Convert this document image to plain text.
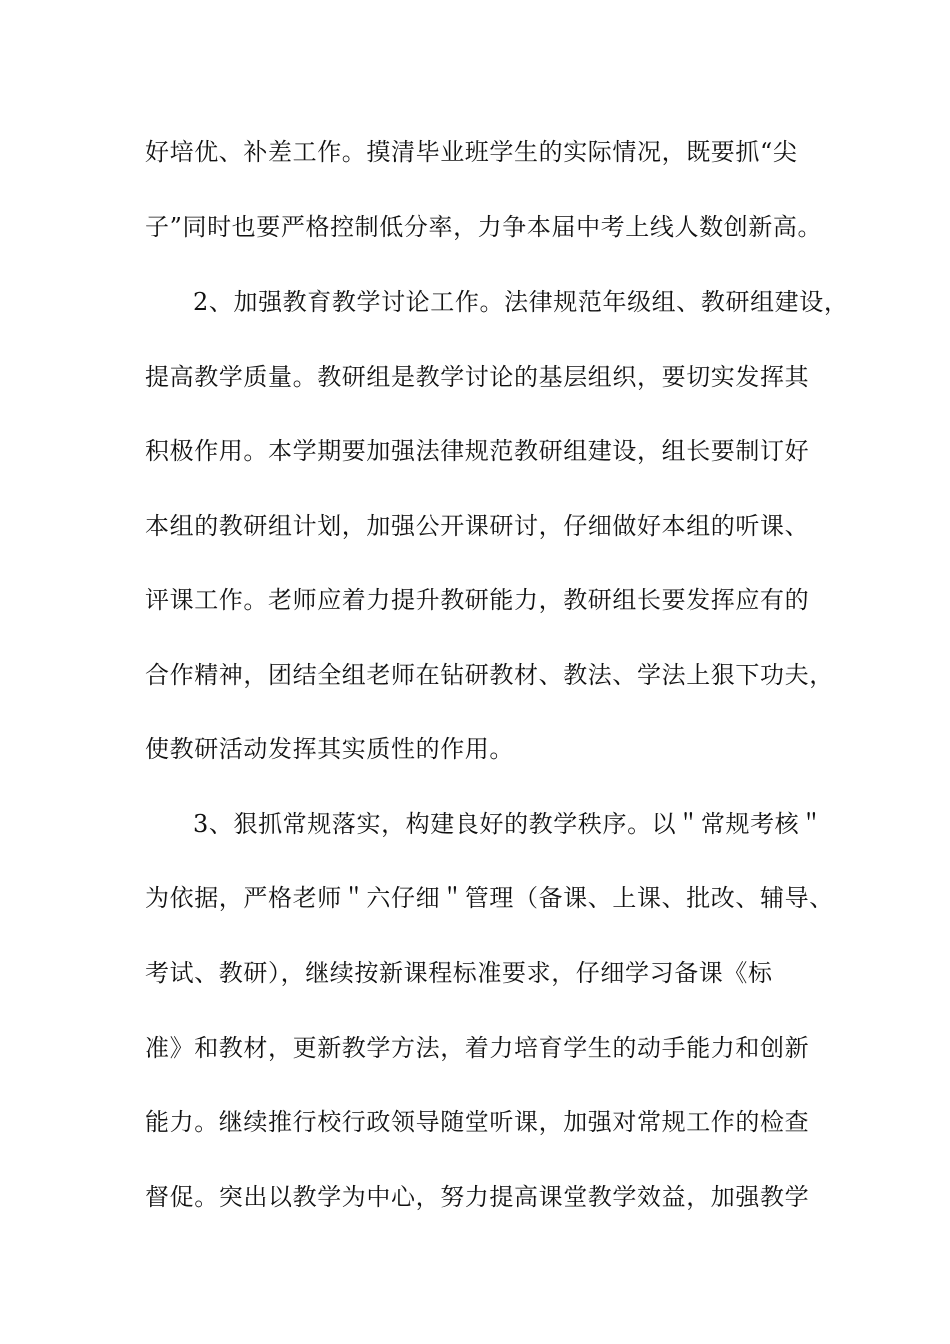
好培优、补差工作。摸清毕业班学生的实际情况，既要抓“尖
子”同时也要严格控制低分率，力争本届中考上线人数创新高。
2、加强教育教学讨论工作。法律规范年级组、教研组建设，
提高教学质量。教研组是教学讨论的基层组织，要切实发挥其
积极作用。本学期要加强法律规范教研组建设，组长要制订好
本组的教研组计划，加强公开课研讨，仔细做好本组的听课、
评课工作。老师应着力提升教研能力，教研组长要发挥应有的
合作精神，团结全组老师在钻研教材、教法、学法上狠下功夫，
使教研活动发挥其实质性的作用。
3、狠抓常规落实，构建良好的教学秩序。以＂常规考核＂
为依据，严格老师＂六仔细＂管理（备课、上课、批改、辅导、
考试、教研），继续按新课程标准要求，仔细学习备课《标
准》和教材，更新教学方法，着力培育学生的动手能力和创新
能力。继续推行校行政领导随堂听课，加强对常规工作的检查
督促。突出以教学为中心，努力提高课堂教学效益，加强教学
